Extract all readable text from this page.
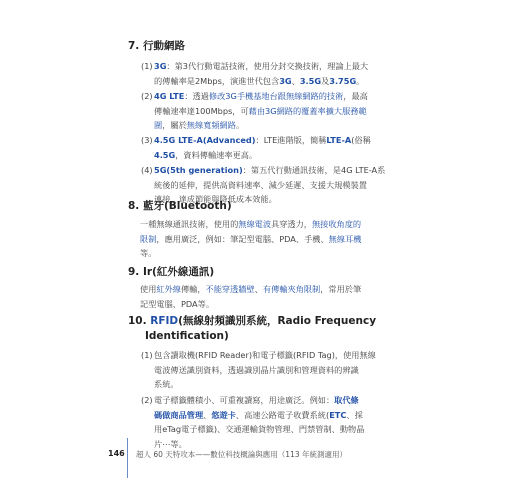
7. 行動網路
(1) 3G：第3代行動電話技術，使用分封交換技術，理論上最大
的傳輸率是2Mbps，演進世代包含3G、3.5G及3.75G。
(2) 4G LTE：透過修改3G手機基地台跟無線網路的技術，最高
傳輸速率達100Mbps，可藉由3G網路的覆蓋率擴大服務範
圍，屬於無線寬頻網路。
(3) 4.5G LTE-A(Advanced)：LTE進階版，簡稱LTE-A(俗稱
4.5G，資料傳輸速率更高。
(4) 5G(5th generation)：第五代行動通訊技術，是4G LTE-A系
統後的延伸，提供高資料速率、減少延遲、支援大規模裝置
連接，達成節能與降低成本效能。
8. 藍牙(Bluetooth)
一種無線通訊技術，使用的無線電波具穿透力，無接收角度的
限制，應用廣泛，例如：筆記型電腦、PDA、手機、無線耳機
等。
9. Ir(紅外線通訊)
使用紅外線傳輸，不能穿透牆壁、有傳輸夾角限制，常用於筆
記型電腦、PDA等。
10. RFID(無線射頻識別系統，Radio Frequency
Identification)
(1) 包含讀取機(RFID Reader)和電子標籤(RFID Tag)，使用無線
電波傳送識別資料，透過識別晶片識別和管理資料的辨識
系統。
(2) 電子標籤體積小、可重複讀寫，用途廣泛。例如：取代條
碼做商品管理、悠遊卡、高速公路電子收費系統(ETC、採
用eTag電子標籤)、交通運輸貨物管理、門禁管制、動物晶
片⋯等。
146 超人 60 天特攻本——數位科技概論與應用（113 年統測適用）
